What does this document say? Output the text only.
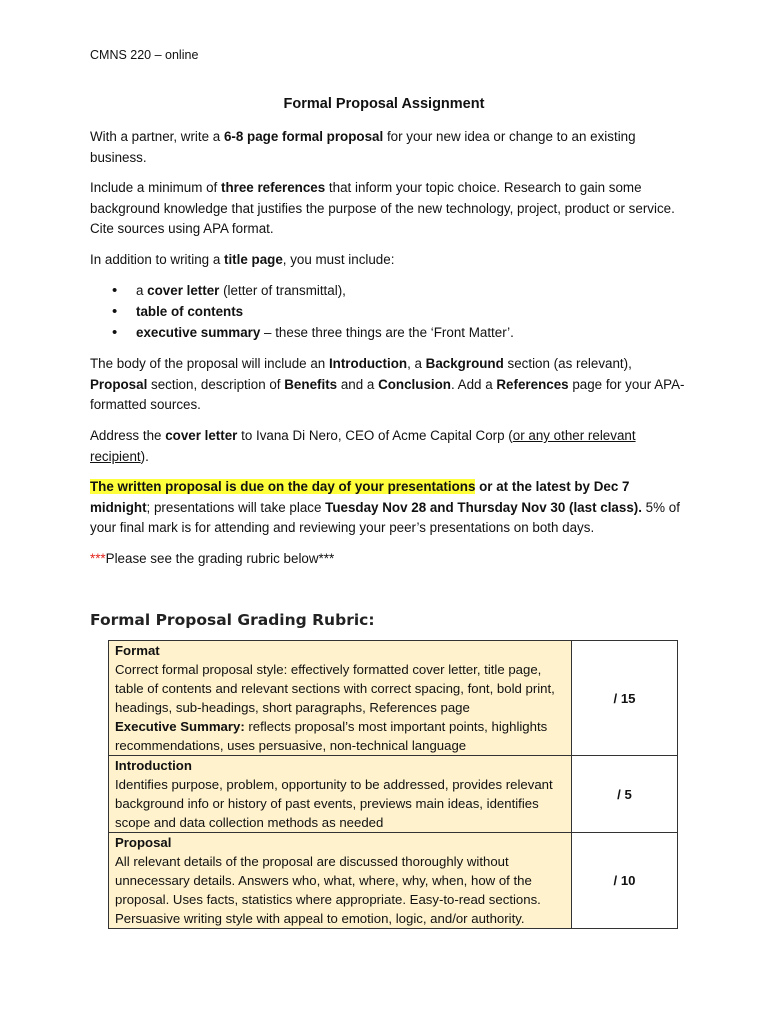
CMNS 220 – online
Formal Proposal Assignment

With a partner, write a 6-8 page formal proposal for your new idea or change to an existing business.

Include a minimum of three references that inform your topic choice. Research to gain some background knowledge that justifies the purpose of the new technology, project, product or service. Cite sources using APA format.

In addition to writing a title page, you must include:

• a cover letter (letter of transmittal),
• table of contents
• executive summary – these three things are the ‘Front Matter’.

The body of the proposal will include an Introduction, a Background section (as relevant), Proposal section, description of Benefits and a Conclusion. Add a References page for your APA-formatted sources.

Address the cover letter to Ivana Di Nero, CEO of Acme Capital Corp (or any other relevant recipient).

The written proposal is due on the day of your presentations or at the latest by Dec 7 midnight; presentations will take place Tuesday Nov 28 and Thursday Nov 30 (last class). 5% of your final mark is for attending and reviewing your peer’s presentations on both days.

***Please see the grading rubric below***

Formal Proposal Grading Rubric:
Format
Correct formal proposal style: effectively formatted cover letter, title page, table of contents and relevant sections with correct spacing, font, bold print, headings, sub-headings, short paragraphs, References page
Executive Summary: reflects proposal’s most important points, highlights recommendations, uses persuasive, non-technical language	/ 15

Introduction
Identifies purpose, problem, opportunity to be addressed, provides relevant background info or history of past events, previews main ideas, identifies scope and data collection methods as needed	/ 5

Proposal
All relevant details of the proposal are discussed thoroughly without unnecessary details. Answers who, what, where, why, when, how of the proposal. Uses facts, statistics where appropriate. Easy-to-read sections. Persuasive writing style with appeal to emotion, logic, and/or authority.	/ 10
